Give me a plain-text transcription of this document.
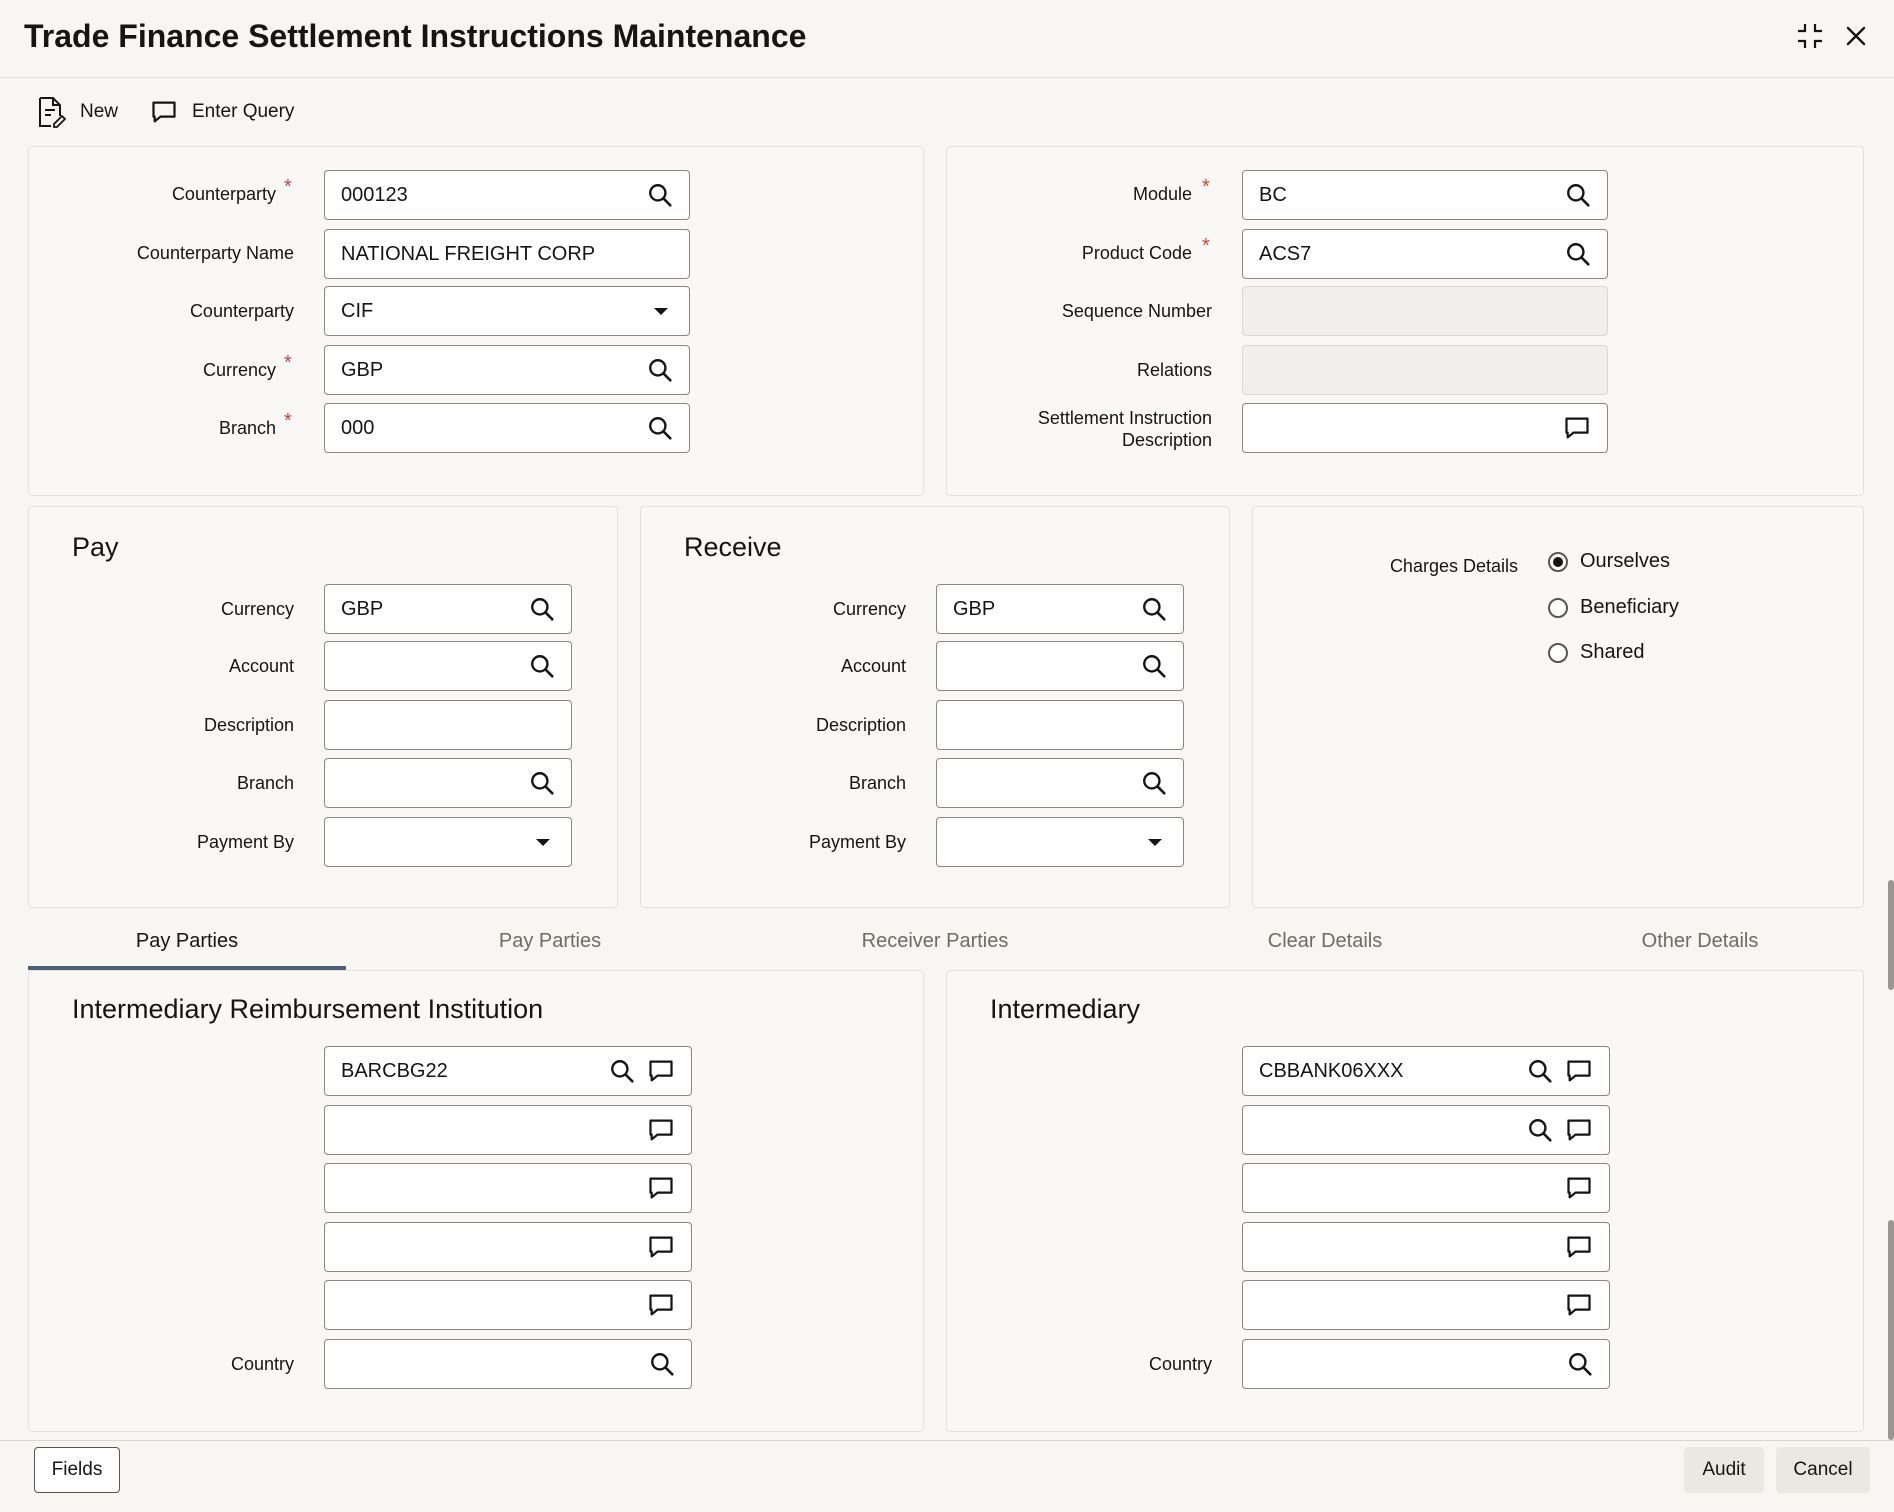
Trade Finance Settlement Instructions Maintenance
New	Enter Query
Counterparty * 000123
Counterparty Name NATIONAL FREIGHT CORP
Counterparty CIF
Currency * GBP
Branch * 000
Module * BC
Product Code * ACS7
Sequence Number
Relations
Settlement Instruction
Description
Pay
Currency GBP
Account
Description
Branch
Payment By
Receive
Currency GBP
Account
Description
Branch
Payment By
Charges Details	Ourselves
Beneficiary
Shared
Pay Parties	Pay Parties	Receiver Parties	Clear Details	Other Details
Intermediary Reimbursement Institution
BARCBG22
Country
Intermediary
CBBANK06XXX
Country
Fields	Audit	Cancel
